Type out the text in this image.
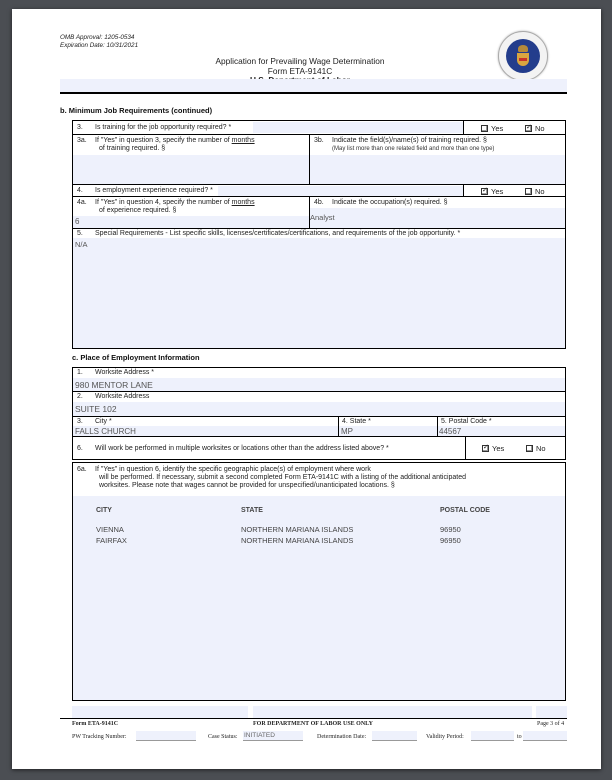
OMB Approval: 1205-0534
Expiration Date: 10/31/2021
Application for Prevailing Wage Determination
Form ETA-9141C
b. Minimum Job Requirements (continued)
3. Is training for the job opportunity required? *	Yes ✓	No
3a. If "Yes" in question 3, specify the number of months
of training required. §
3b. Indicate the field(s)/name(s) of training required. §
(May list more than one related field and more than one type)
4. Is employment experience required? * ✓	Yes	No
4a. If "Yes" in question 4, specify the number of months
of experience required. §
6
4b. Indicate the occupation(s) required. §
Analyst
5. Special Requirements - List specific skills, licenses/certificates/certifications, and requirements of the job opportunity. *
N/A
c. Place of Employment Information
1. Worksite Address *
980 MENTOR LANE
2. Worksite Address
SUITE 102
3. City *
FALLS CHURCH
4. State *
MP
5. Postal Code *
44567
6. Will work be performed in multiple worksites or locations other than the address listed above? * ✓	Yes	No
6a. If "Yes" in question 6, identify the specific geographic place(s) of employment where work
will be performed. If necessary, submit a second completed Form ETA-9141C with a listing of the additional anticipated
worksites. Please note that wages cannot be provided for unspecified/unanticipated locations. §
CITY	STATE	POSTAL CODE
VIENNA	NORTHERN MARIANA ISLANDS	96950
FAIRFAX	NORTHERN MARIANA ISLANDS	96950
Form ETA-9141C	FOR DEPARTMENT OF LABOR USE ONLY	Page 3 of 4
PW Tracking Number:	Case Status: INITIATED	Determination Date:	Validity Period:	to
